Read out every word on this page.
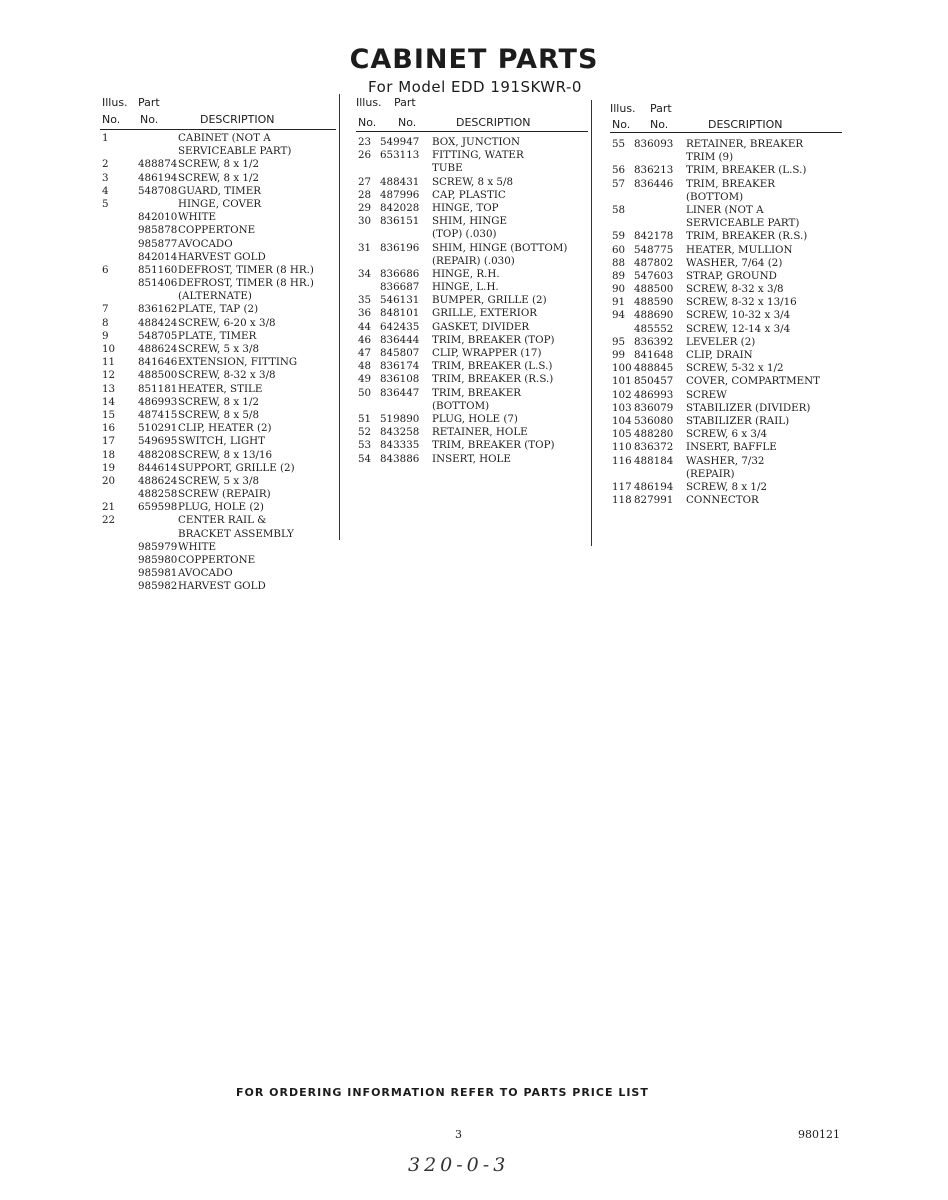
CABINET PARTS
For Model EDD 191SKWR-0
Illus. Part
No. No.	DESCRIPTION
1	CABINET (NOT A
SERVICEABLE PART)
2	488874 SCREW, 8 x 1/2
3	486194 SCREW, 8 x 1/2
4	548708 GUARD, TIMER
5	HINGE, COVER
842010 WHITE
985878 COPPERTONE
985877 AVOCADO
842014 HARVEST GOLD
6	851160 DEFROST, TIMER (8 HR.)
851406 DEFROST, TIMER (8 HR.)
(ALTERNATE)
7	836162 PLATE, TAP (2)
8	488424 SCREW, 6-20 x 3/8
9	548705 PLATE, TIMER
10 488624 SCREW, 5 x 3/8
11 841646 EXTENSION, FITTING
12 488500 SCREW, 8-32 x 3/8
13 851181 HEATER, STILE
14 486993 SCREW, 8 x 1/2
15 487415 SCREW, 8 x 5/8
16 510291 CLIP, HEATER (2)
17 549695 SWITCH, LIGHT
18 488208 SCREW, 8 x 13/16
19 844614 SUPPORT, GRILLE (2)
20 488624 SCREW, 5 x 3/8
488258 SCREW (REPAIR)
21 659598 PLUG, HOLE (2)
22	CENTER RAIL &
BRACKET ASSEMBLY
985979 WHITE
985980 COPPERTONE
985981 AVOCADO
985982 HARVEST GOLD
Illus. Part
No. No.	DESCRIPTION
23 549947 BOX, JUNCTION
26 653113 FITTING, WATER
TUBE
27 488431 SCREW, 8 x 5/8
28 487996 CAP, PLASTIC
29 842028 HINGE, TOP
30 836151 SHIM, HINGE
(TOP) (.030)
31 836196 SHIM, HINGE (BOTTOM)
(REPAIR) (.030)
34 836686 HINGE, R.H.
836687 HINGE, L.H.
35 546131 BUMPER, GRILLE (2)
36 848101 GRILLE, EXTERIOR
44 642435 GASKET, DIVIDER
46 836444 TRIM, BREAKER (TOP)
47 845807 CLIP, WRAPPER (17)
48 836174 TRIM, BREAKER (L.S.)
49 836108 TRIM, BREAKER (R.S.)
50 836447 TRIM, BREAKER
(BOTTOM)
51 519890 PLUG, HOLE (7)
52 843258 RETAINER, HOLE
53 843335 TRIM, BREAKER (TOP)
54 843886 INSERT, HOLE
Illus. Part
No. No.	DESCRIPTION
55 836093 RETAINER, BREAKER
TRIM (9)
56 836213 TRIM, BREAKER (L.S.)
57 836446 TRIM, BREAKER
(BOTTOM)
58	LINER (NOT A
SERVICEABLE PART)
59 842178 TRIM, BREAKER (R.S.)
60 548775 HEATER, MULLION
88 487802 WASHER, 7/64 (2)
89 547603 STRAP, GROUND
90 488500 SCREW, 8-32 x 3/8
91 488590 SCREW, 8-32 x 13/16
94 488690 SCREW, 10-32 x 3/4
485552 SCREW, 12-14 x 3/4
95 836392 LEVELER (2)
99 841648 CLIP, DRAIN
100 488845 SCREW, 5-32 x 1/2
101 850457 COVER, COMPARTMENT
102 486993 SCREW
103 836079 STABILIZER (DIVIDER)
104 536080 STABILIZER (RAIL)
105 488280 SCREW, 6 x 3/4
110 836372 INSERT, BAFFLE
116 488184 WASHER, 7/32
(REPAIR)
117 486194 SCREW, 8 x 1/2
118 827991 CONNECTOR
FOR ORDERING INFORMATION REFER TO PARTS PRICE LIST
3	980121
320-0-3
